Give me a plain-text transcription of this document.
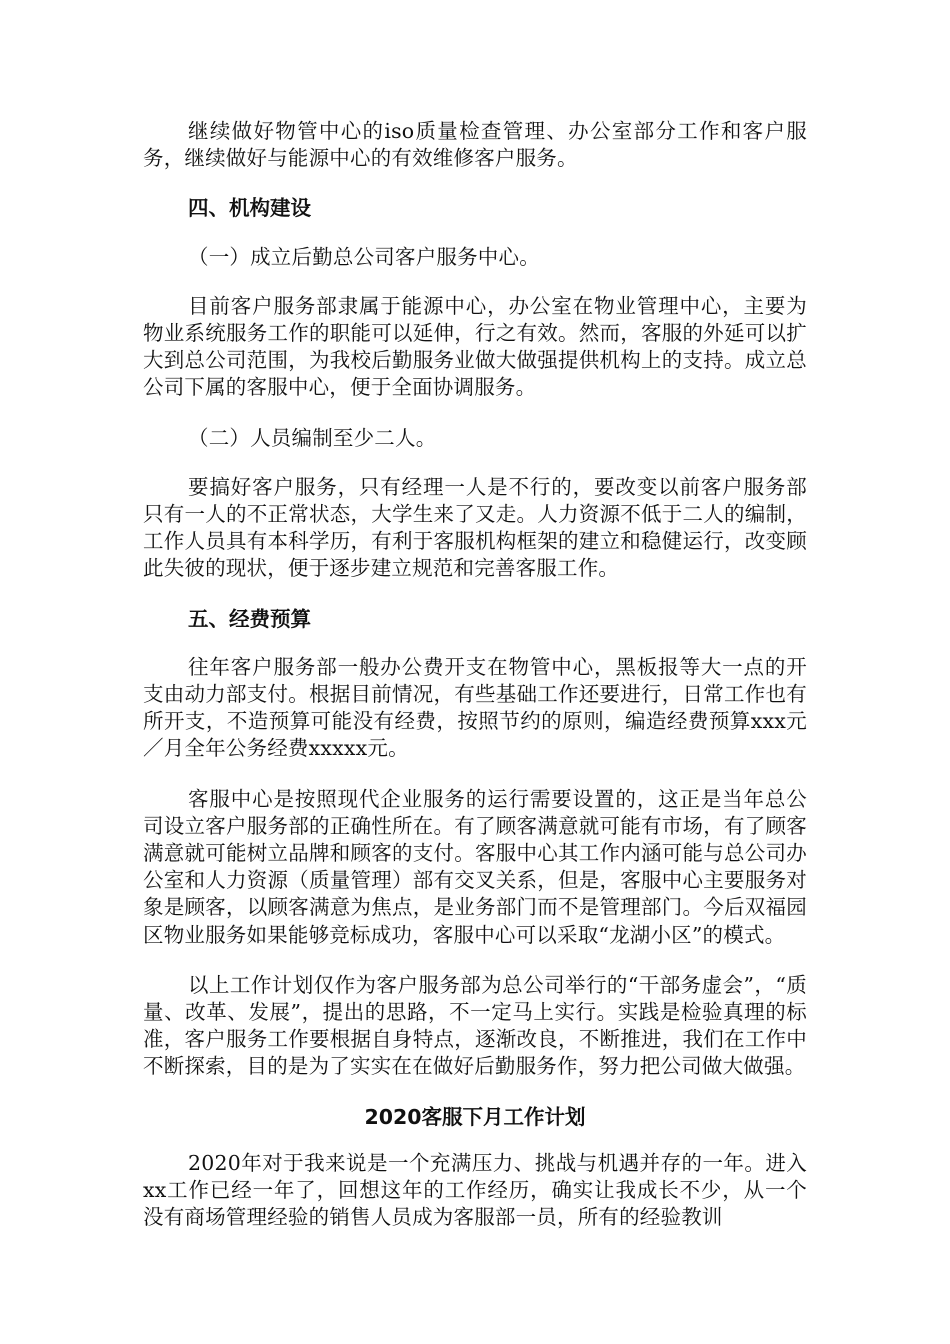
继续做好物管中心的iso质量检查管理、办公室部分工作和客户服务，继续做好与能源中心的有效维修客户服务。

四、机构建设

（一）成立后勤总公司客户服务中心。

目前客户服务部隶属于能源中心，办公室在物业管理中心，主要为物业系统服务工作的职能可以延伸，行之有效。然而，客服的外延可以扩大到总公司范围，为我校后勤服务业做大做强提供机构上的支持。成立总公司下属的客服中心，便于全面协调服务。

（二）人员编制至少二人。

要搞好客户服务，只有经理一人是不行的，要改变以前客户服务部只有一人的不正常状态，大学生来了又走。人力资源不低于二人的编制，工作人员具有本科学历，有利于客服机构框架的建立和稳健运行，改变顾此失彼的现状，便于逐步建立规范和完善客服工作。

五、经费预算

往年客户服务部一般办公费开支在物管中心，黑板报等大一点的开支由动力部支付。根据目前情况，有些基础工作还要进行，日常工作也有所开支，不造预算可能没有经费，按照节约的原则，编造经费预算xxx元／月全年公务经费xxxxx元。

客服中心是按照现代企业服务的运行需要设置的，这正是当年总公司设立客户服务部的正确性所在。有了顾客满意就可能有市场，有了顾客满意就可能树立品牌和顾客的支付。客服中心其工作内涵可能与总公司办公室和人力资源（质量管理）部有交叉关系，但是，客服中心主要服务对象是顾客，以顾客满意为焦点，是业务部门而不是管理部门。今后双福园区物业服务如果能够竞标成功，客服中心可以采取“龙湖小区”的模式。

以上工作计划仅作为客户服务部为总公司举行的“干部务虚会”，“质量、改革、发展”，提出的思路，不一定马上实行。实践是检验真理的标准，客户服务工作要根据自身特点，逐渐改良，不断推进，我们在工作中不断探索，目的是为了实实在在做好后勤服务作，努力把公司做大做强。

2020客服下月工作计划

2020年对于我来说是一个充满压力、挑战与机遇并存的一年。进入xx工作已经一年了，回想这年的工作经历，确实让我成长不少，从一个没有商场管理经验的销售人员成为客服部一员，所有的经验教训
